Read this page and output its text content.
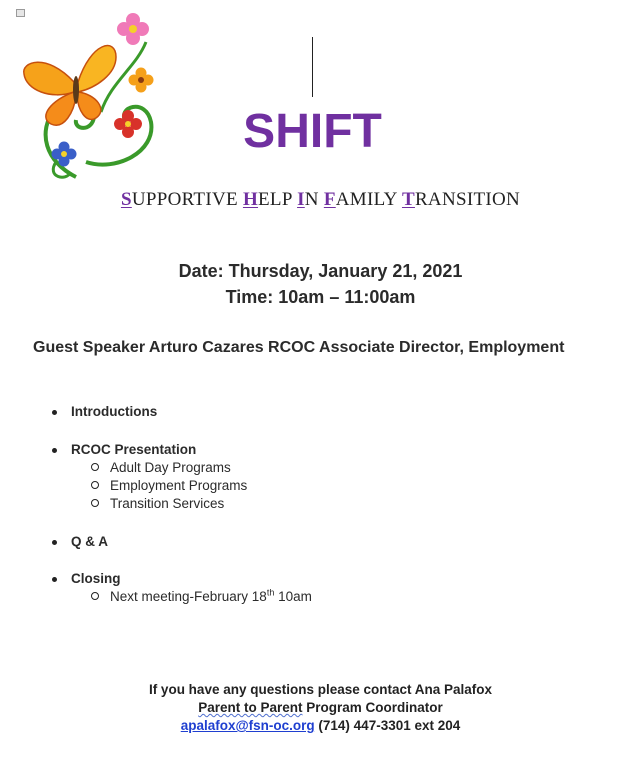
SHIFT
SUPPORTIVE HELP IN FAMILY TRANSITION
Date: Thursday, January 21, 2021
Time: 10am – 11:00am
Guest Speaker Arturo Cazares RCOC Associate Director, Employment
Introductions
RCOC Presentation
Adult Day Programs
Employment Programs
Transition Services
Q & A
Closing
Next meeting-February 18th 10am
If you have any questions please contact Ana Palafox
Parent to Parent Program Coordinator
apalafox@fsn-oc.org (714) 447-3301 ext 204
